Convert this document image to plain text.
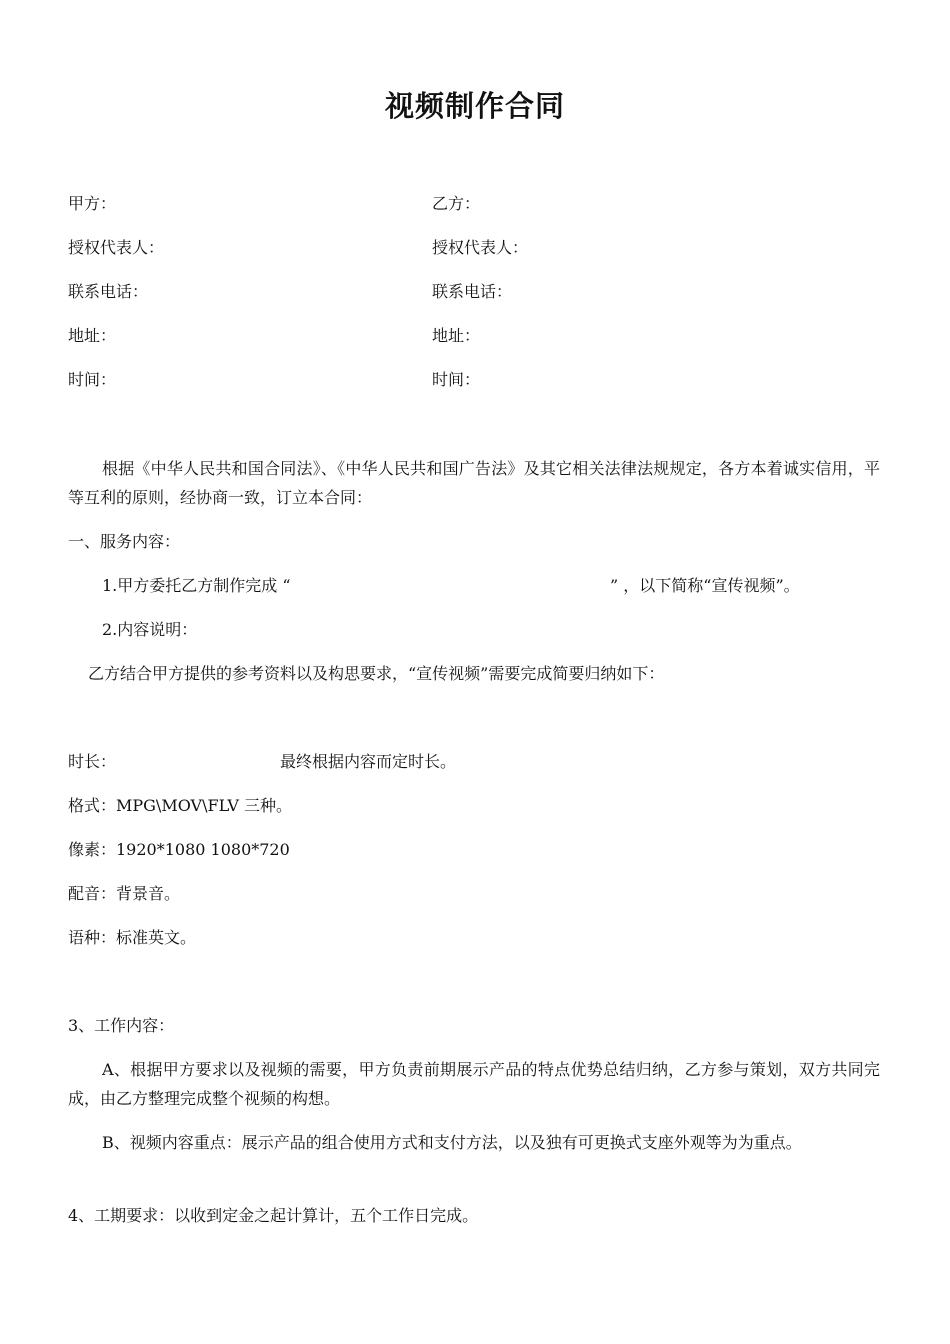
视频制作合同
甲方：	乙方：
授权代表人：	授权代表人：
联系电话：	联系电话：
地址：	地址：
时间：	时间：
根据《中华人民共和国合同法》、《中华人民共和国广告法》及其它相关法律法规规定，各方本着诚实信用，平等互利的原则，经协商一致，订立本合同：
一、服务内容：
1.甲方委托乙方制作完成 “	” ，以下简称“宣传视频”。
2.内容说明：
乙方结合甲方提供的参考资料以及构思要求，“宣传视频”需要完成简要归纳如下：
时长：	最终根据内容而定时长。
格式：MPG\MOV\FLV 三种。
像素：1920*1080 1080*720
配音：背景音。
语种：标准英文。
3、工作内容：
A、根据甲方要求以及视频的需要，甲方负责前期展示产品的特点优势总结归纳，乙方参与策划，双方共同完成，由乙方整理完成整个视频的构想。
B、视频内容重点：展示产品的组合使用方式和支付方法，以及独有可更换式支座外观等为为重点。
4、工期要求：以收到定金之起计算计，五个工作日完成。
